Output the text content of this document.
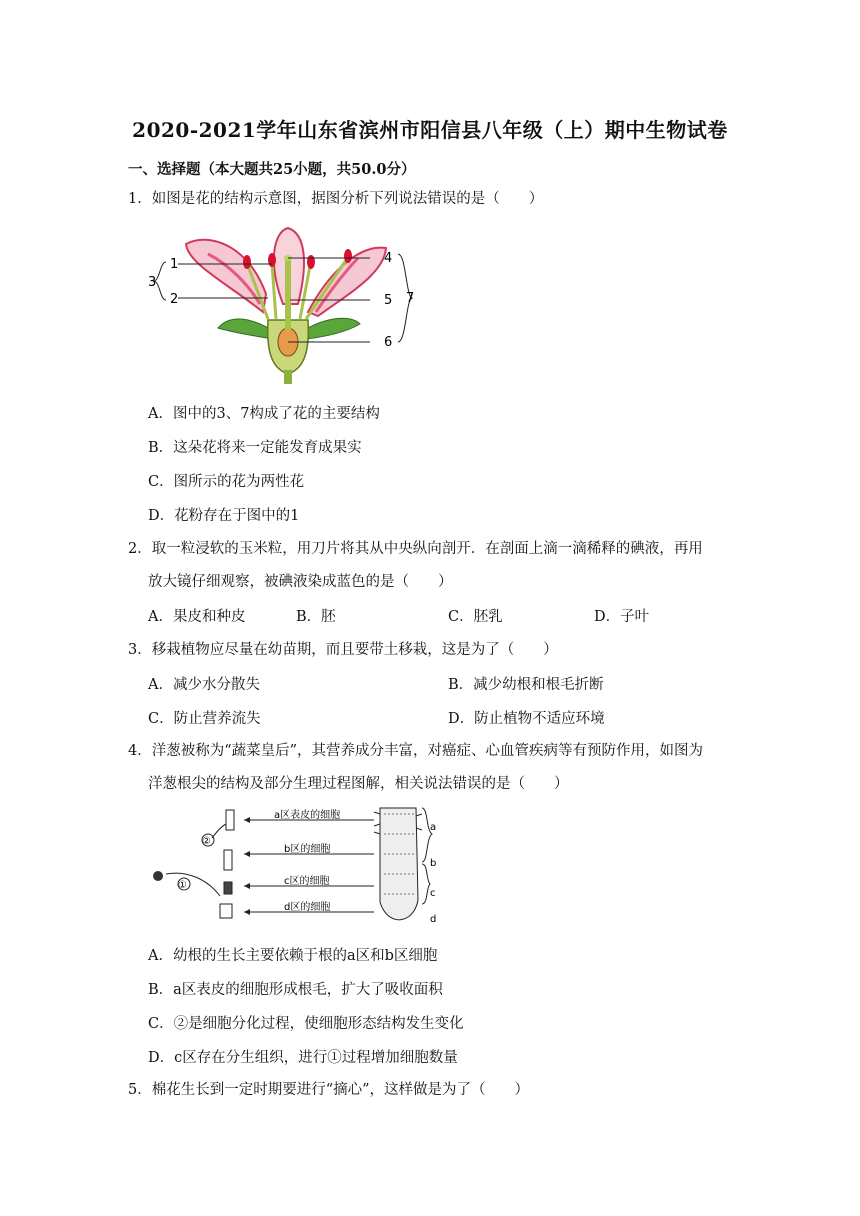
2020-2021学年山东省滨州市阳信县八年级（上）期中生物试卷
一、选择题（本大题共25小题，共50.0分）
1．如图是花的结构示意图，据图分析下列说法错误的是（　　）
1
2
3
4
5
6
7
A．图中的3、7构成了花的主要结构
B．这朵花将来一定能发育成果实
C．图所示的花为两性花
D．花粉存在于图中的1
2．取一粒浸软的玉米粒，用刀片将其从中央纵向剖开．在剖面上滴一滴稀释的碘液，再用
放大镜仔细观察，被碘液染成蓝色的是（　　）
A．果皮和种皮	B．胚	C．胚乳	D．子叶
3．移栽植物应尽量在幼苗期，而且要带土移栽，这是为了（　　）
A．减少水分散失	B．减少幼根和根毛折断
C．防止营养流失	D．防止植物不适应环境
4．洋葱被称为“蔬菜皇后”，其营养成分丰富，对癌症、心血管疾病等有预防作用，如图为
洋葱根尖的结构及部分生理过程图解，相关说法错误的是（　　）
②
①
a区表皮的细胞
b区的细胞
c区的细胞
d区的细胞
a
b
c
d
A．幼根的生长主要依赖于根的a区和b区细胞
B．a区表皮的细胞形成根毛，扩大了吸收面积
C．②是细胞分化过程，使细胞形态结构发生变化
D．c区存在分生组织，进行①过程增加细胞数量
5．棉花生长到一定时期要进行“摘心”，这样做是为了（　　）
